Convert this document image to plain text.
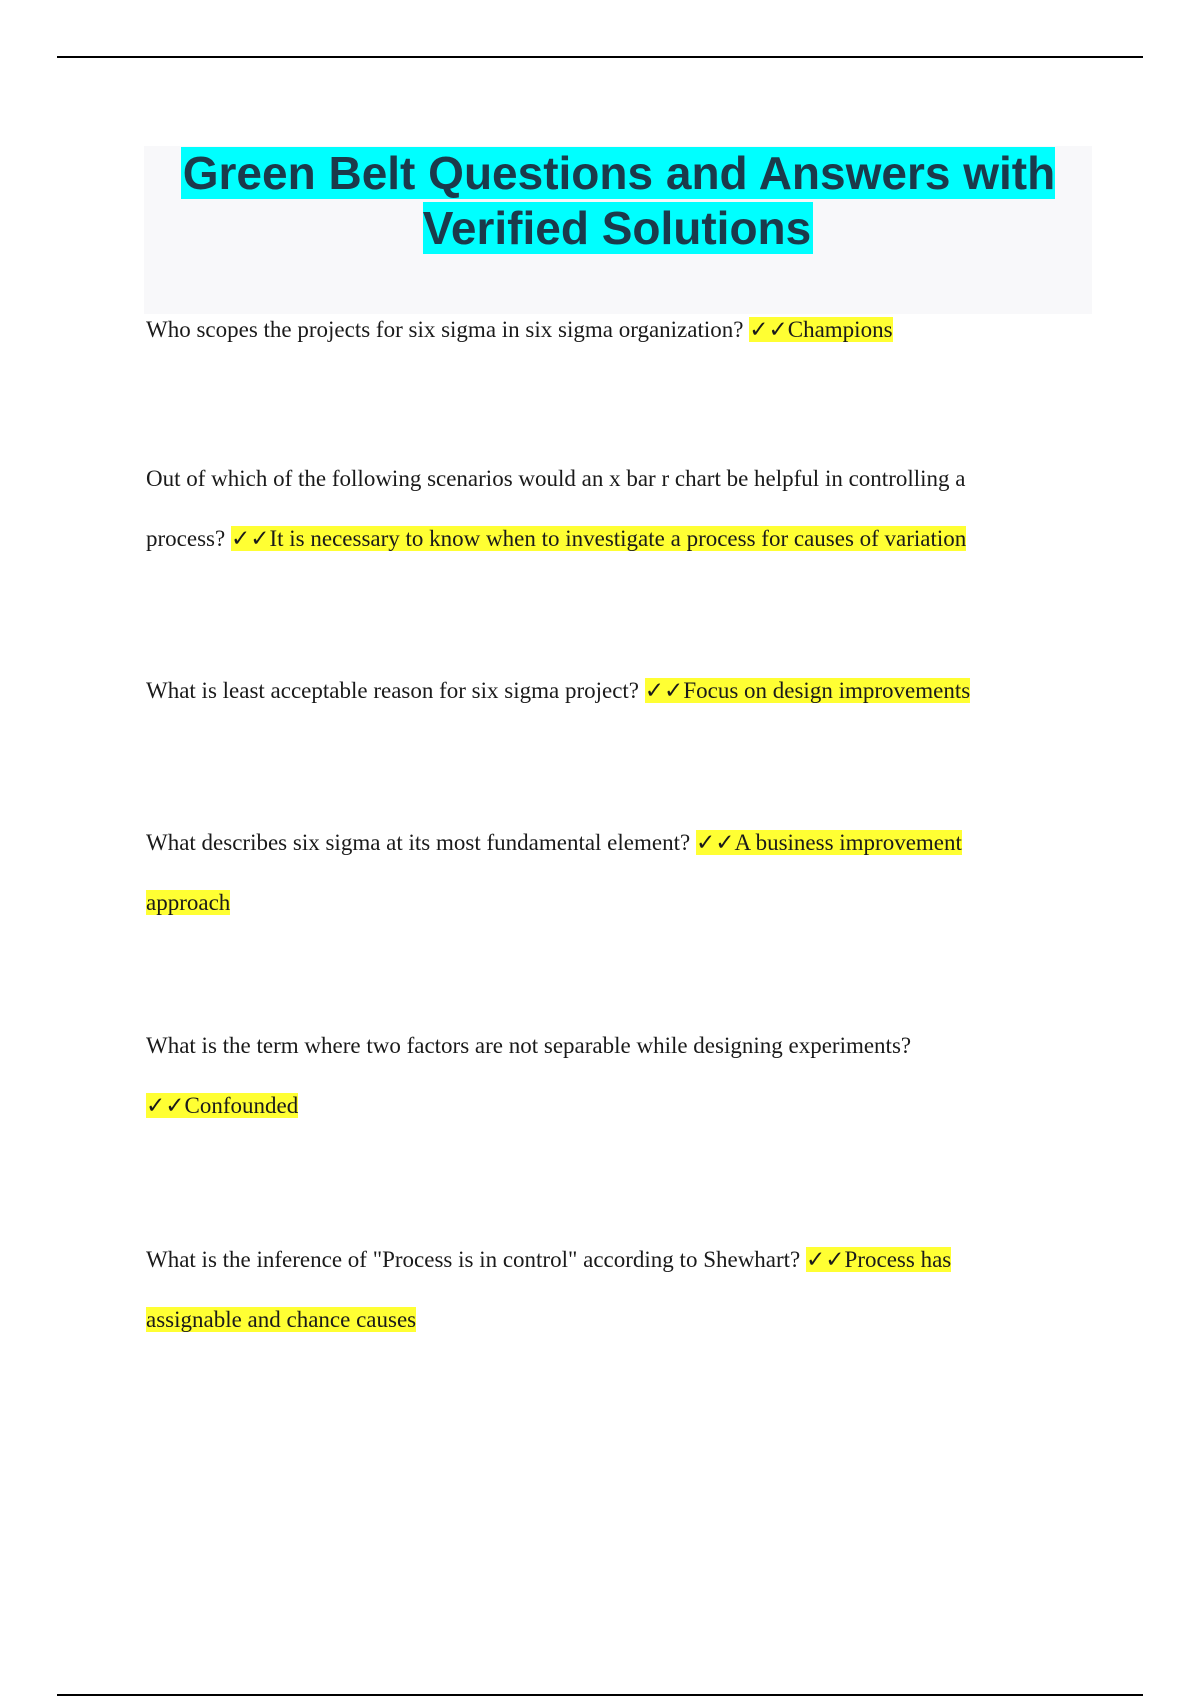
Green Belt Questions and Answers with Verified Solutions

Who scopes the projects for six sigma in six sigma organization? ✓✓Champions

Out of which of the following scenarios would an x bar r chart be helpful in controlling a process? ✓✓It is necessary to know when to investigate a process for causes of variation

What is least acceptable reason for six sigma project? ✓✓Focus on design improvements

What describes six sigma at its most fundamental element? ✓✓A business improvement approach

What is the term where two factors are not separable while designing experiments? ✓✓Confounded

What is the inference of "Process is in control" according to Shewhart? ✓✓Process has assignable and chance causes
